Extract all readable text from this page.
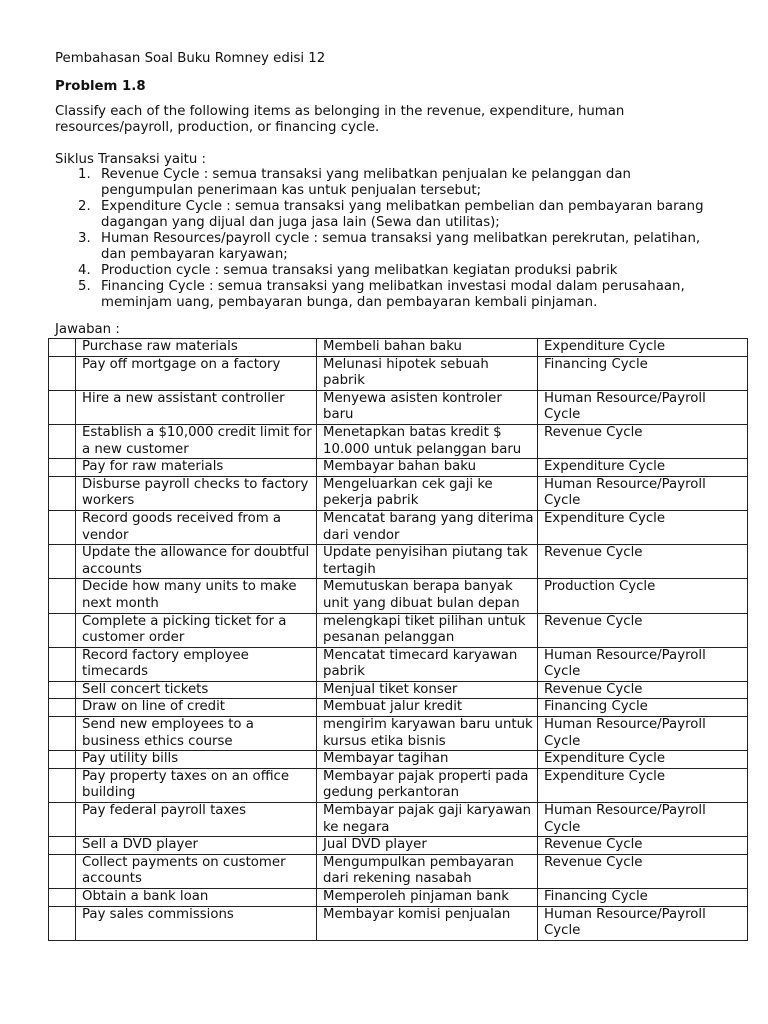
Pembahasan Soal Buku Romney edisi 12
Problem 1.8
Classify each of the following items as belonging in the revenue, expenditure, human resources/payroll, production, or financing cycle.
Siklus Transaksi yaitu :
1. Revenue Cycle : semua transaksi yang melibatkan penjualan ke pelanggan dan pengumpulan penerimaan kas untuk penjualan tersebut;
2. Expenditure Cycle : semua transaksi yang melibatkan pembelian dan pembayaran barang dagangan yang dijual dan juga jasa lain (Sewa dan utilitas);
3. Human Resources/payroll cycle : semua transaksi yang melibatkan perekrutan, pelatihan, dan pembayaran karyawan;
4. Production cycle : semua transaksi yang melibatkan kegiatan produksi pabrik
5. Financing Cycle : semua transaksi yang melibatkan investasi modal dalam perusahaan, meminjam uang, pembayaran bunga, dan pembayaran kembali pinjaman.
Jawaban :
	Purchase raw materials	Membeli bahan baku	Expenditure Cycle
	Pay off mortgage on a factory	Melunasi hipotek sebuah pabrik	Financing Cycle
	Hire a new assistant controller	Menyewa asisten kontroler baru	Human Resource/Payroll Cycle
	Establish a $10,000 credit limit for a new customer	Menetapkan batas kredit $ 10.000 untuk pelanggan baru	Revenue Cycle
	Pay for raw materials	Membayar bahan baku	Expenditure Cycle
	Disburse payroll checks to factory workers	Mengeluarkan cek gaji ke pekerja pabrik	Human Resource/Payroll Cycle
	Record goods received from a vendor	Mencatat barang yang diterima dari vendor	Expenditure Cycle
	Update the allowance for doubtful accounts	Update penyisihan piutang tak tertagih	Revenue Cycle
	Decide how many units to make next month	Memutuskan berapa banyak unit yang dibuat bulan depan	Production Cycle
	Complete a picking ticket for a customer order	melengkapi tiket pilihan untuk pesanan pelanggan	Revenue Cycle
	Record factory employee timecards	Mencatat timecard karyawan pabrik	Human Resource/Payroll Cycle
	Sell concert tickets	Menjual tiket konser	Revenue Cycle
	Draw on line of credit	Membuat jalur kredit	Financing Cycle
	Send new employees to a business ethics course	mengirim karyawan baru untuk kursus etika bisnis	Human Resource/Payroll Cycle
	Pay utility bills	Membayar tagihan	Expenditure Cycle
	Pay property taxes on an office building	Membayar pajak properti pada gedung perkantoran	Expenditure Cycle
	Pay federal payroll taxes	Membayar pajak gaji karyawan ke negara	Human Resource/Payroll Cycle
	Sell a DVD player	Jual DVD player	Revenue Cycle
	Collect payments on customer accounts	Mengumpulkan pembayaran dari rekening nasabah	Revenue Cycle
	Obtain a bank loan	Memperoleh pinjaman bank	Financing Cycle
	Pay sales commissions	Membayar komisi penjualan	Human Resource/Payroll Cycle
